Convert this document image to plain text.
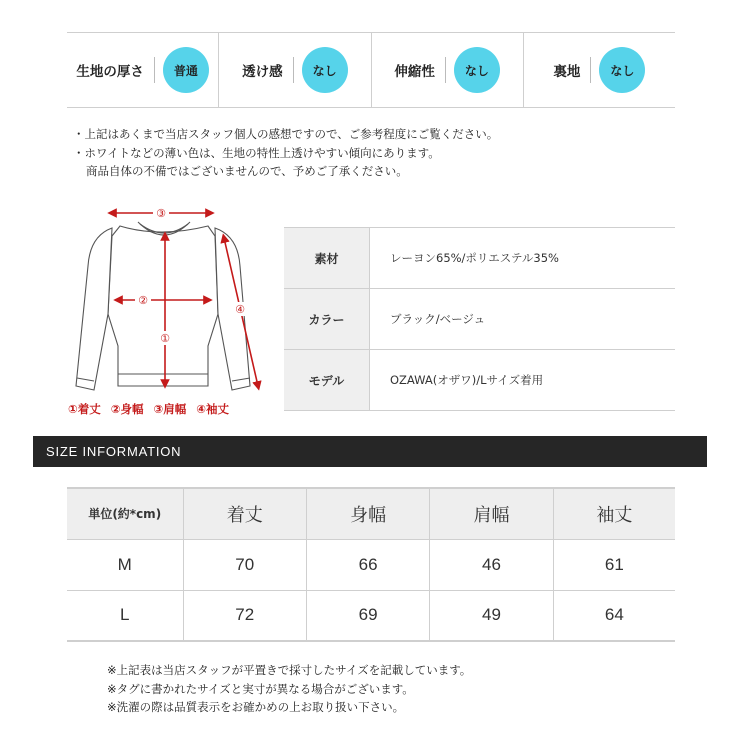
生地の厚さ	普通	透け感	なし	伸縮性	なし	裏地	なし
・上記はあくまで当店スタッフ個人の感想ですので、ご参考程度にご覧ください。
・ホワイトなどの薄い色は、生地の特性上透けやすい傾向にあります。
商品自体の不備ではございませんので、予めご了承ください。
③
②
①
④
①着丈 ②身幅 ③肩幅 ④袖丈
素材	レーヨン65%/ポリエステル35%
カラー	ブラック/ベージュ
モデル	OZAWA(オザワ)/Lサイズ着用
SIZE INFORMATION
単位(約*cm)	着丈	身幅	肩幅	袖丈
M	70	66	46	61
L	72	69	49	64
※上記表は当店スタッフが平置きで採寸したサイズを記載しています。
※タグに書かれたサイズと実寸が異なる場合がございます。
※洗濯の際は品質表示をお確かめの上お取り扱い下さい。
